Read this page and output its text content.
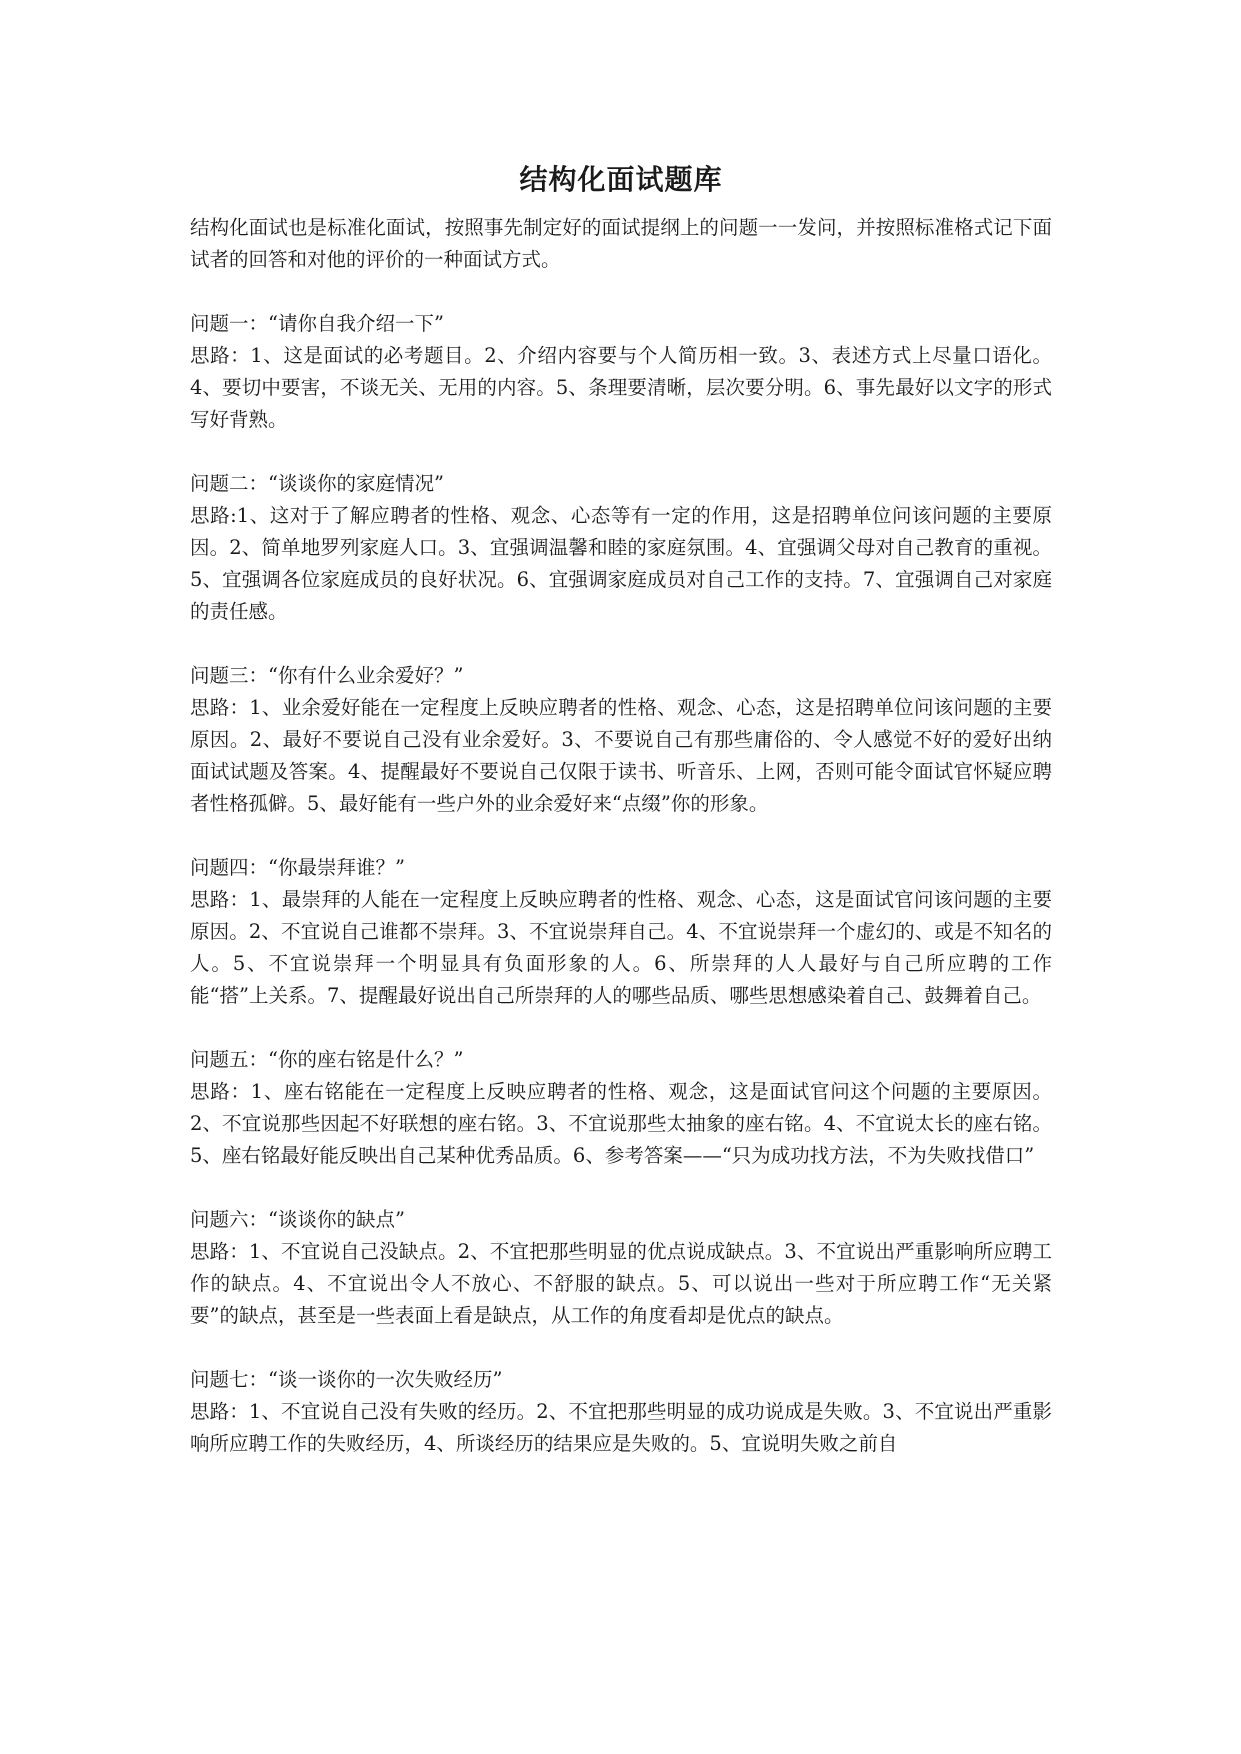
结构化面试题库

结构化面试也是标准化面试，按照事先制定好的面试提纲上的问题一一发问，并按照标准格式记下面试者的回答和对他的评价的一种面试方式。

问题一：“请你自我介绍一下”

思路：1、这是面试的必考题目。2、介绍内容要与个人简历相一致。3、表述方式上尽量口语化。4、要切中要害，不谈无关、无用的内容。5、条理要清晰，层次要分明。6、事先最好以文字的形式写好背熟。

问题二：“谈谈你的家庭情况”

思路:1、这对于了解应聘者的性格、观念、心态等有一定的作用，这是招聘单位问该问题的主要原因。2、简单地罗列家庭人口。3、宜强调温馨和睦的家庭氛围。4、宜强调父母对自己教育的重视。5、宜强调各位家庭成员的良好状况。6、宜强调家庭成员对自己工作的支持。7、宜强调自己对家庭的责任感。

问题三：“你有什么业余爱好？”

思路：1、业余爱好能在一定程度上反映应聘者的性格、观念、心态，这是招聘单位问该问题的主要原因。2、最好不要说自己没有业余爱好。3、不要说自己有那些庸俗的、令人感觉不好的爱好出纳面试试题及答案。4、提醒最好不要说自己仅限于读书、听音乐、上网，否则可能令面试官怀疑应聘者性格孤僻。5、最好能有一些户外的业余爱好来“点缀”你的形象。

问题四：“你最崇拜谁？”

思路：1、最崇拜的人能在一定程度上反映应聘者的性格、观念、心态，这是面试官问该问题的主要原因。2、不宜说自己谁都不崇拜。3、不宜说崇拜自己。4、不宜说崇拜一个虚幻的、或是不知名的人。5、不宜说崇拜一个明显具有负面形象的人。6、所崇拜的人人最好与自己所应聘的工作能“搭”上关系。7、提醒最好说出自己所崇拜的人的哪些品质、哪些思想感染着自己、鼓舞着自己。

问题五：“你的座右铭是什么？”

思路：1、座右铭能在一定程度上反映应聘者的性格、观念，这是面试官问这个问题的主要原因。2、不宜说那些因起不好联想的座右铭。3、不宜说那些太抽象的座右铭。4、不宜说太长的座右铭。5、座右铭最好能反映出自己某种优秀品质。6、参考答案——“只为成功找方法，不为失败找借口”

问题六：“谈谈你的缺点”

思路：1、不宜说自己没缺点。2、不宜把那些明显的优点说成缺点。3、不宜说出严重影响所应聘工作的缺点。4、不宜说出令人不放心、不舒服的缺点。5、可以说出一些对于所应聘工作“无关紧要”的缺点，甚至是一些表面上看是缺点，从工作的角度看却是优点的缺点。

问题七：“谈一谈你的一次失败经历”

思路：1、不宜说自己没有失败的经历。2、不宜把那些明显的成功说成是失败。3、不宜说出严重影响所应聘工作的失败经历，4、所谈经历的结果应是失败的。5、宜说明失败之前自
